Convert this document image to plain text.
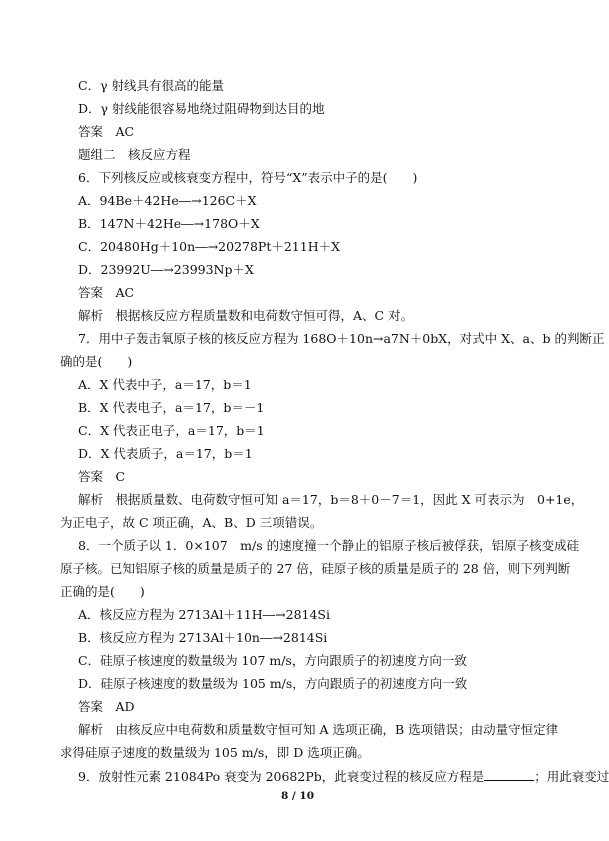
C．γ 射线具有很高的能量
D．γ 射线能很容易地绕过阻碍物到达目的地
答案　AC
题组二　核反应方程
6．下列核反应或核衰变方程中，符号“X”表示中子的是(　　)
A．94Be＋42He―→126C＋X
B．147N＋42He―→178O＋X
C．20480Hg＋10n―→20278Pt＋211H＋X
D．23992U―→23993Np＋X
答案　AC
解析　根据核反应方程质量数和电荷数守恒可得，A、C 对。
7．用中子轰击氧原子核的核反应方程为 168O＋10n→a7N＋0bX，对式中 X、a、b 的判断正
确的是(　　)
A．X 代表中子，a＝17，b＝1
B．X 代表电子，a＝17，b＝－1
C．X 代表正电子，a＝17，b＝1
D．X 代表质子，a＝17，b＝1
答案　C
解析　根据质量数、电荷数守恒可知 a＝17，b＝8＋0－7＝1，因此 X 可表示为　0+1e，
为正电子，故 C 项正确，A、B、D 三项错误。
8．一个质子以 1．0×107　m/s 的速度撞一个静止的铝原子核后被俘获，铝原子核变成硅
原子核。已知铝原子核的质量是质子的 27 倍，硅原子核的质量是质子的 28 倍，则下列判断
正确的是(　　)
A．核反应方程为 2713Al＋11H―→2814Si
B．核反应方程为 2713Al＋10n―→2814Si
C．硅原子核速度的数量级为 107 m/s，方向跟质子的初速度方向一致
D．硅原子核速度的数量级为 105 m/s，方向跟质子的初速度方向一致
答案　AD
解析　由核反应中电荷数和质量数守恒可知 A 选项正确，B 选项错误；由动量守恒定律
求得硅原子速度的数量级为 105 m/s，即 D 选项正确。
9．放射性元素 21084Po 衰变为 20682Pb，此衰变过程的核反应方程是	；用此衰变过
8 / 10
